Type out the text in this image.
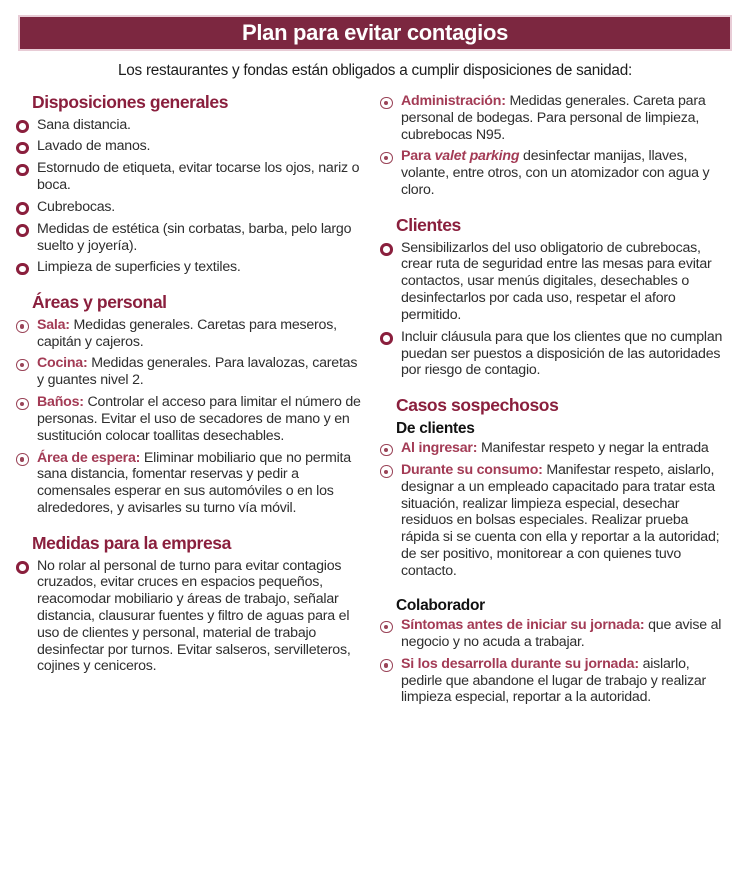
Plan para evitar contagios
Los restaurantes y fondas están obligados a cumplir disposiciones de sanidad:
Disposiciones generales
Sana distancia.
Lavado de manos.
Estornudo de etiqueta, evitar tocarse los ojos, nariz o boca.
Cubrebocas.
Medidas de estética (sin corbatas, barba, pelo largo suelto y joyería).
Limpieza de superficies y textiles.
Áreas y personal
Sala: Medidas generales. Caretas para meseros, capitán y cajeros.
Cocina: Medidas generales. Para lavalozas, caretas y guantes nivel 2.
Baños: Controlar el acceso para limitar el número de personas. Evitar el uso de secadores de mano y en sustitución colocar toallitas desechables.
Área de espera: Eliminar mobiliario que no permita sana distancia, fomentar reservas y pedir a comensales esperar en sus automóviles o en los alrededores, y avisarles su turno vía móvil.
Medidas para la empresa
No rolar al personal de turno para evitar contagios cruzados, evitar cruces en espacios pequeños, reacomodar mobiliario y áreas de trabajo, señalar distancia, clausurar fuentes y filtro de aguas para el uso de clientes y personal, material de trabajo desinfectar por turnos. Evitar salseros, servilleteros, cojines y ceniceros.
Administración: Medidas generales. Careta para personal de bodegas. Para personal de limpieza, cubrebocas N95.
Para valet parking desinfectar manijas, llaves, volante, entre otros, con un atomizador con agua y cloro.
Clientes
Sensibilizarlos del uso obligatorio de cubrebocas, crear ruta de seguridad entre las mesas para evitar contactos, usar menús digitales, desechables o desinfectarlos por cada uso, respetar el aforo permitido.
Incluir cláusula para que los clientes que no cumplan puedan ser puestos a disposición de las autoridades por riesgo de contagio.
Casos sospechosos
De clientes
Al ingresar: Manifestar respeto y negar la entrada
Durante su consumo: Manifestar respeto, aislarlo, designar a un empleado capacitado para tratar esta situación, realizar limpieza especial, desechar residuos en bolsas especiales. Realizar prueba rápida si se cuenta con ella y reportar a la autoridad; de ser positivo, monitorear a con quienes tuvo contacto.
Colaborador
Síntomas antes de iniciar su jornada: que avise al negocio y no acuda a trabajar.
Si los desarrolla durante su jornada: aislarlo, pedirle que abandone el lugar de trabajo y realizar limpieza especial, reportar a la autoridad.
